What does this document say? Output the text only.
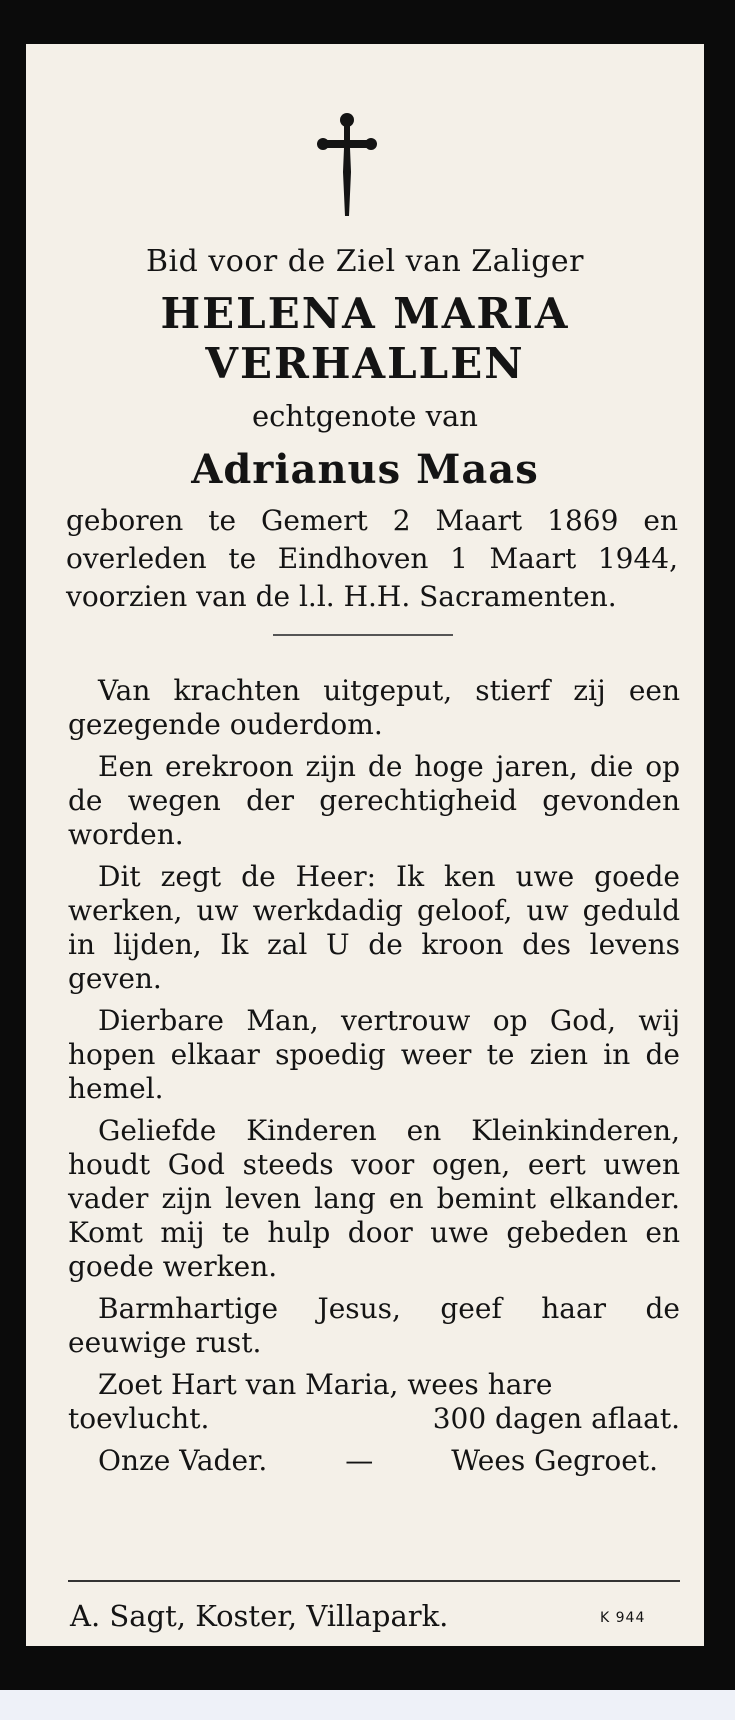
Bid voor de Ziel van Zaliger

HELENA MARIA
VERHALLEN

echtgenote van

Adrianus Maas

geboren te Gemert 2 Maart 1869 en overleden te Eindhoven 1 Maart 1944, voorzien van de l.l. H.H. Sacramenten.

Van krachten uitgeput, stierf zij een gezegende ouderdom.

Een erekroon zijn de hoge jaren, die op de wegen der gerechtigheid gevonden worden.

Dit zegt de Heer: Ik ken uwe goede werken, uw werkdadig geloof, uw geduld in lijden, Ik zal U de kroon des levens geven.

Dierbare Man, vertrouw op God, wij hopen elkaar spoedig weer te zien in de hemel.

Geliefde Kinderen en Kleinkinderen, houdt God steeds voor ogen, eert uwen vader zijn leven lang en bemint elkander. Komt mij te hulp door uwe gebeden en goede werken.

Barmhartige Jesus, geef haar de eeuwige rust.

Zoet Hart van Maria, wees hare

toevlucht.	300 dagen aflaat.
Onze Vader.	—	Wees Gegroet.
A. Sagt, Koster, Villapark.	K 944
